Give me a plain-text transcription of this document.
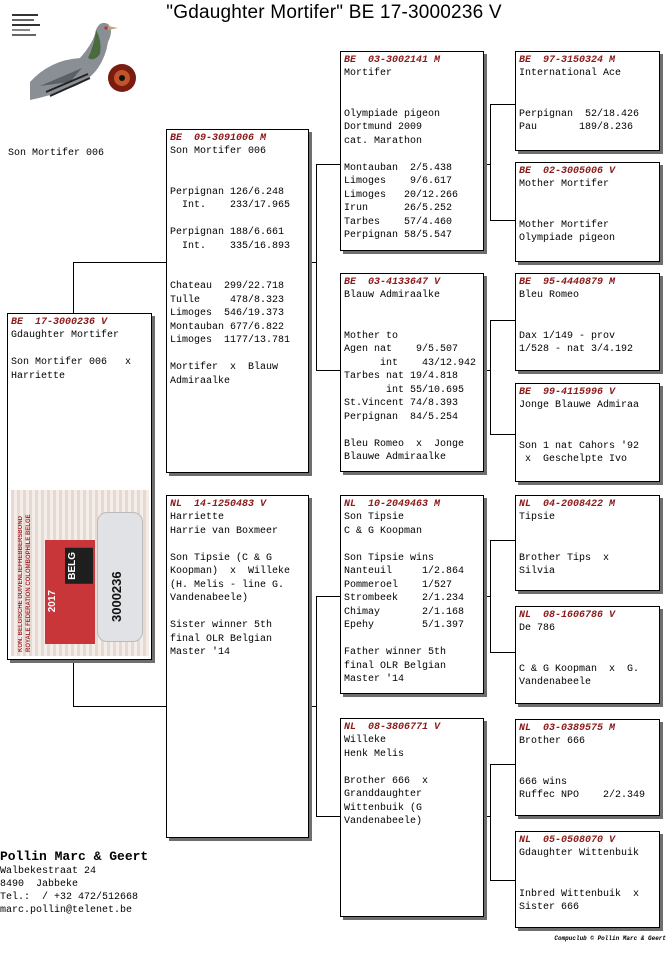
"Gdaughter Mortifer" BE 17-3000236 V
Son Mortifer 006
BE  17-3000236 V
Gdaughter Mortifer

Son Mortifer 006   x
Harriette
KON. BELGISCHE DUIVENLIEFHEBBERSBOND
ROYALE FEDERATION COLOMBOPHILE BELGE
2017
BELG
3000236
BE  09-3091006 M
Son Mortifer 006

Perpignan 126/6.248
Int.    233/17.965

Perpignan 188/6.661
Int.    335/16.893

Chateau  299/22.718
Tulle     478/8.323
Limoges  546/19.373
Montauban 677/6.822
Limoges  1177/13.781

Mortifer  x  Blauw
Admiraalke
NL  14-1250483 V
Harriette
Harrie van Boxmeer

Son Tipsie (C & G
Koopman)  x  Willeke
(H. Melis - line G.
Vandenabeele)

Sister winner 5th
final OLR Belgian
Master '14
BE  03-3002141 M
Mortifer

Olympiade pigeon
Dortmund 2009
cat. Marathon

Montauban  2/5.438
Limoges    9/6.617
Limoges   20/12.266
Irun      26/5.252
Tarbes    57/4.460
Perpignan 58/5.547
BE  03-4133647 V
Blauw Admiraalke

Mother to
Agen nat    9/5.507
int    43/12.942
Tarbes nat 19/4.818
int 55/10.695
St.Vincent 74/8.393
Perpignan  84/5.254

Bleu Romeo  x  Jonge
Blauwe Admiraalke
NL  10-2049463 M
Son Tipsie
C & G Koopman

Son Tipsie wins
Nanteuil     1/2.864
Pommeroel    1/527
Strombeek    2/1.234
Chimay       2/1.168
Epehy        5/1.397

Father winner 5th
final OLR Belgian
Master '14
NL  08-3806771 V
Willeke
Henk Melis

Brother 666  x
Granddaughter
Wittenbuik (G
Vandenabeele)
BE  97-3150324 M
International Ace

Perpignan  52/18.426
Pau       189/8.236
BE  02-3005006 V
Mother Mortifer

Mother Mortifer
Olympiade pigeon
BE  95-4440879 M
Bleu Romeo

Dax 1/149 - prov
1/528 - nat 3/4.192
BE  99-4115996 V
Jonge Blauwe Admiraa

Son 1 nat Cahors '92
x  Geschelpte Ivo
NL  04-2008422 M
Tipsie

Brother Tips  x
Silvia
NL  08-1606786 V
De 786

C & G Koopman  x  G.
Vandenabeele
NL  03-0389575 M
Brother 666

666 wins
Ruffec NPO    2/2.349
NL  05-0508070 V
Gdaughter Wittenbuik

Inbred Wittenbuik  x
Sister 666
Pollin Marc & Geert
Walbekestraat 24
8490  Jabbeke
Tel.:  / +32 472/512668
marc.pollin@telenet.be
Compuclub © Pollin Marc & Geert
